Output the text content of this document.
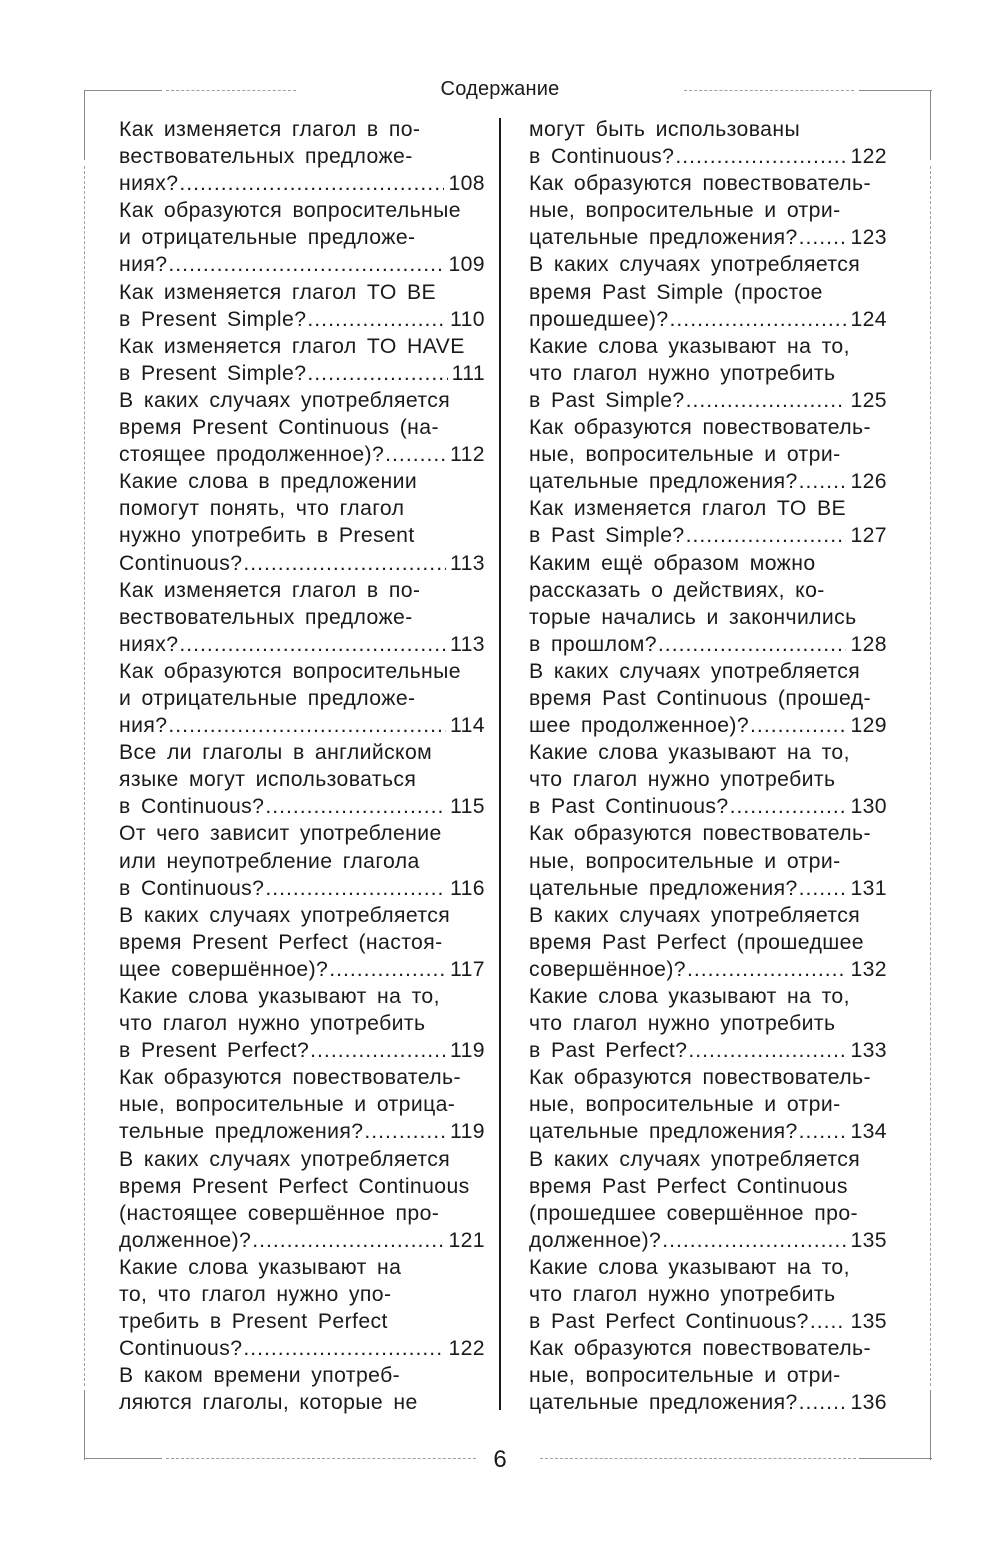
Содержание

Как изменяется глагол в по-

вествовательных предложе-

ниях? .....	108

Как образуются вопросительные

и отрицательные предложе-

ния? .....	109

Как изменяется глагол TO BE

в Present Simple? .....	110

Как изменяется глагол TO HAVE

в Present Simple? .....	111

В каких случаях употребляется

время Present Continuous (на-

стоящее продолженное)? .....	112

Какие слова в предложении

помогут понять, что глагол

нужно употребить в Present

Continuous? .....	113

Как изменяется глагол в по-

вествовательных предложе-

ниях? .....	113

Как образуются вопросительные

и отрицательные предложе-

ния? .....	114

Все ли глаголы в английском

языке могут использоваться

в Continuous? .....	115

От чего зависит употребление

или неупотребление глагола

в Continuous? .....	116

В каких случаях употребляется

время Present Perfect (настоя-

щее совершённое)? .....	117

Какие слова указывают на то,

что глагол нужно употребить

в Present Perfect? .....	119

Как образуются повествователь-

ные, вопросительные и отрица-

тельные предложения? .....	119

В каких случаях употребляется

время Present Perfect Continuous

(настоящее совершённое про-

долженное)? .....	121

Какие слова указывают на

то, что глагол нужно упо-

требить в Present Perfect

Continuous? .....	122

В каком времени употреб-

ляются глаголы, которые не

могут быть использованы

в Continuous? .....	122

Как образуются повествователь-

ные, вопросительные и отри-

цательные предложения? ..... 123

В каких случаях употребляется

время Past Simple (простое

прошедшее)? .....	124

Какие слова указывают на то,

что глагол нужно употребить

в Past Simple? .....	125

Как образуются повествователь-

ные, вопросительные и отри-

цательные предложения? ..... 126

Как изменяется глагол TO BE

в Past Simple? .....	127

Каким ещё образом можно

рассказать о действиях, ко-

торые начались и закончились

в прошлом? .....	128

В каких случаях употребляется

время Past Continuous (прошед-

шее продолженное)? .....	129

Какие слова указывают на то,

что глагол нужно употребить

в Past Continuous? .....	130

Как образуются повествователь-

ные, вопросительные и отри-

цательные предложения? ..... 131

В каких случаях употребляется

время Past Perfect (прошедшее

совершённое)? .....	132

Какие слова указывают на то,

что глагол нужно употребить

в Past Perfect? .....	133

Как образуются повествователь-

ные, вопросительные и отри-

цательные предложения? ..... 134

В каких случаях употребляется

время Past Perfect Continuous

(прошедшее совершённое про-

долженное)? .....	135

Какие слова указывают на то,

что глагол нужно употребить

в Past Perfect Continuous? ..... 135

Как образуются повествователь-

ные, вопросительные и отри-

цательные предложения? ..... 136

6
